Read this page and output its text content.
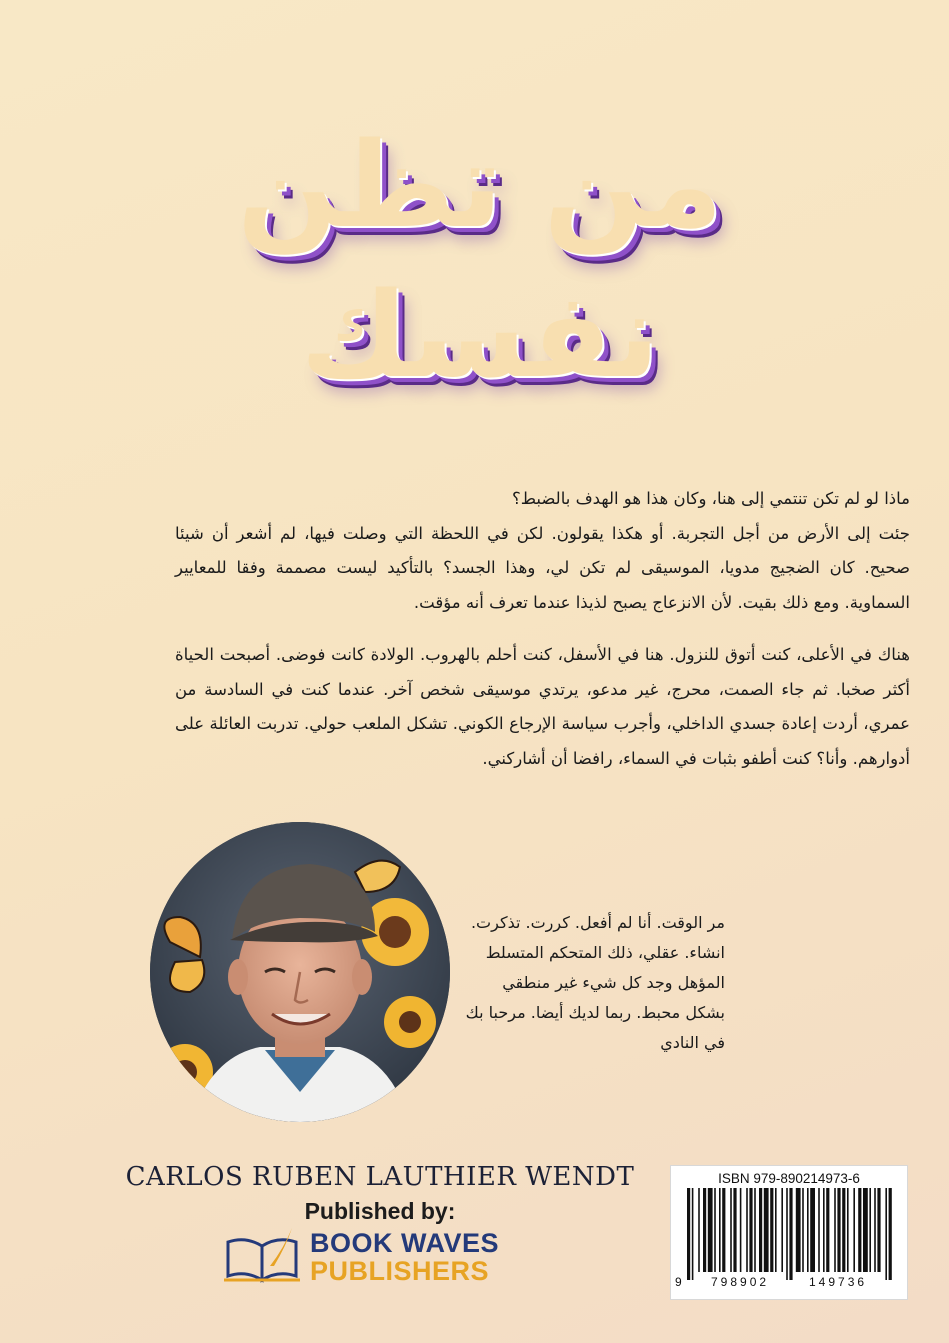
من تظن
نفسك

ماذا لو لم تكن تنتمي إلى هنا، وكان هذا هو الهدف بالضبط؟

جئت إلى الأرض من أجل التجربة. أو هكذا يقولون. لكن في اللحظة التي وصلت فيها، لم أشعر أن شيئا صحيح. كان الضجيج مدويا، الموسيقى لم تكن لي، وهذا الجسد؟ بالتأكيد ليست مصممة وفقا للمعايير السماوية. ومع ذلك بقيت. لأن الانزعاج يصبح لذيذا عندما تعرف أنه مؤقت.

هناك في الأعلى، كنت أتوق للنزول. هنا في الأسفل، كنت أحلم بالهروب. الولادة كانت فوضى. أصبحت الحياة أكثر صخبا. ثم جاء الصمت، محرج، غير مدعو، يرتدي موسيقى شخص آخر. عندما كنت في السادسة من عمري، أردت إعادة جسدي الداخلي، وأجرب سياسة الإرجاع الكوني. تشكل الملعب حولي. تدربت العائلة على أدوارهم. وأنا؟ كنت أطفو بثبات في السماء، رافضا أن أشاركني.
مر الوقت. أنا لم أفعل. كررت. تذكرت. انشاء. عقلي، ذلك المتحكم المتسلط المؤهل وجد كل شيء غير منطقي بشكل محبط. ربما لديك أيضا. مرحبا بك في النادي
CARLOS RUBEN LAUTHIER WENDT
Published by:
BOOK WAVES
PUBLISHERS
ISBN 979-890214973-6
9 798902	149736
